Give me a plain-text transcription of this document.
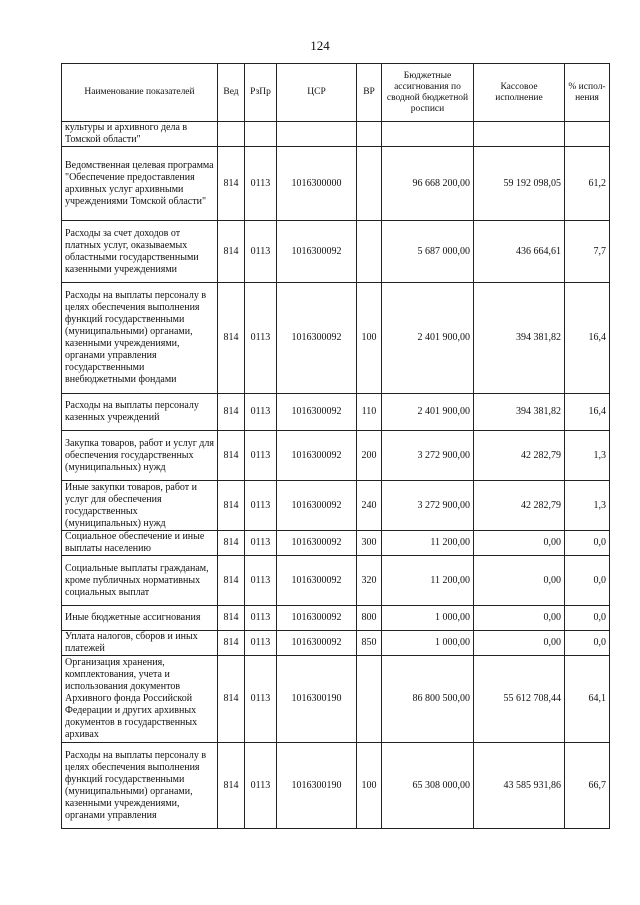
124
Наименование показателей	Вед	РзПр	ЦСР	ВР	Бюджетные ассигнования по сводной бюджетной росписи	Кассовое исполнение	% испол-нения
культуры и архивного дела в Томской области"							
Ведомственная целевая программа "Обеспечение предоставления архивных услуг архивными учреждениями Томской области"	814	0113	1016300000		96 668 200,00	59 192 098,05	61,2
Расходы за счет доходов от платных услуг, оказываемых областными государственными казенными учреждениями	814	0113	1016300092		5 687 000,00	436 664,61	7,7
Расходы на выплаты персоналу в целях обеспечения выполнения функций государственными (муниципальными) органами, казенными учреждениями, органами управления государственными внебюджетными фондами	814	0113	1016300092	100	2 401 900,00	394 381,82	16,4
Расходы на выплаты персоналу казенных учреждений	814	0113	1016300092	110	2 401 900,00	394 381,82	16,4
Закупка товаров, работ и услуг для обеспечения государственных (муниципальных) нужд	814	0113	1016300092	200	3 272 900,00	42 282,79	1,3
Иные закупки товаров, работ и услуг для обеспечения государственных (муниципальных) нужд	814	0113	1016300092	240	3 272 900,00	42 282,79	1,3
Социальное обеспечение и иные выплаты населению	814	0113	1016300092	300	11 200,00	0,00	0,0
Социальные выплаты гражданам, кроме публичных нормативных социальных выплат	814	0113	1016300092	320	11 200,00	0,00	0,0
Иные бюджетные ассигнования	814	0113	1016300092	800	1 000,00	0,00	0,0
Уплата налогов, сборов и иных платежей	814	0113	1016300092	850	1 000,00	0,00	0,0
Организация хранения, комплектования, учета и использования документов Архивного фонда Российской Федерации и других архивных документов в государственных архивах	814	0113	1016300190		86 800 500,00	55 612 708,44	64,1
Расходы на выплаты персоналу в целях обеспечения выполнения функций государственными (муниципальными) органами, казенными учреждениями, органами управления	814	0113	1016300190	100	65 308 000,00	43 585 931,86	66,7
